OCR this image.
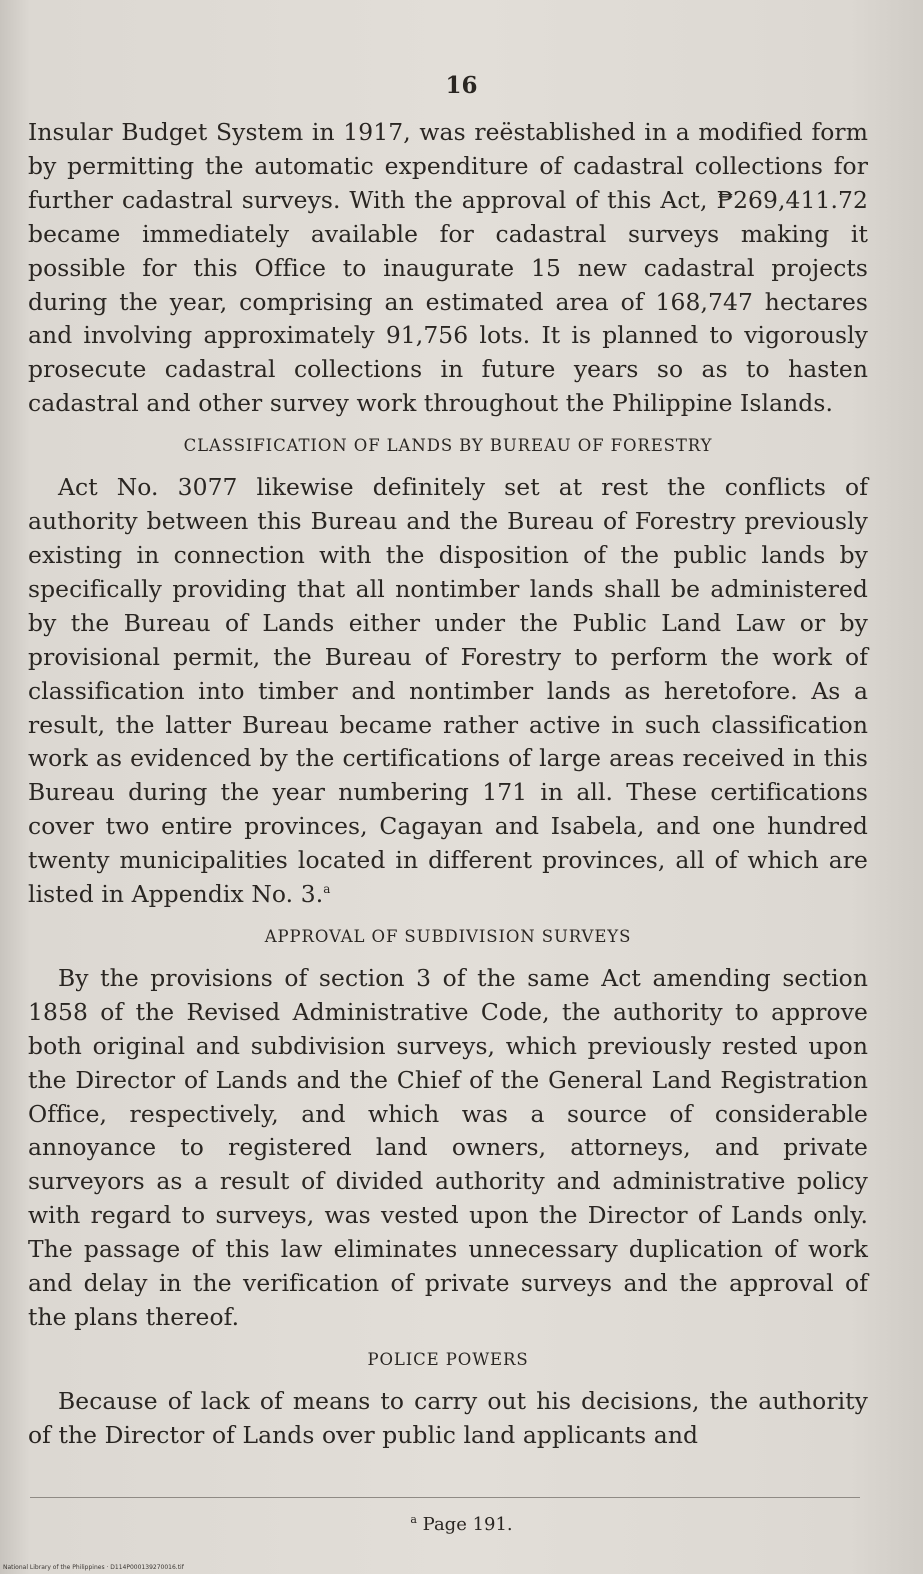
16

Insular Budget System in 1917, was reëstablished in a modified form by permitting the automatic expenditure of cadastral collections for further cadastral surveys. With the approval of this Act, ₱269,411.72 became immediately available for cadastral surveys making it possible for this Office to inaugurate 15 new cadastral projects during the year, comprising an estimated area of 168,747 hectares and involving approximately 91,756 lots. It is planned to vigorously prosecute cadastral collections in future years so as to hasten cadastral and other survey work throughout the Philippine Islands.

CLASSIFICATION OF LANDS BY BUREAU OF FORESTRY

Act No. 3077 likewise definitely set at rest the conflicts of authority between this Bureau and the Bureau of Forestry previously existing in connection with the disposition of the public lands by specifically providing that all nontimber lands shall be administered by the Bureau of Lands either under the Public Land Law or by provisional permit, the Bureau of Forestry to perform the work of classification into timber and nontimber lands as heretofore. As a result, the latter Bureau became rather active in such classification work as evidenced by the certifications of large areas received in this Bureau during the year numbering 171 in all. These certifications cover two entire provinces, Cagayan and Isabela, and one hundred twenty municipalities located in different provinces, all of which are listed in Appendix No. 3.$^a$

APPROVAL OF SUBDIVISION SURVEYS

By the provisions of section 3 of the same Act amending section 1858 of the Revised Administrative Code, the authority to approve both original and subdivision surveys, which previously rested upon the Director of Lands and the Chief of the General Land Registration Office, respectively, and which was a source of considerable annoyance to registered land owners, attorneys, and private surveyors as a result of divided authority and administrative policy with regard to surveys, was vested upon the Director of Lands only. The passage of this law eliminates unnecessary duplication of work and delay in the verification of private surveys and the approval of the plans thereof.

POLICE POWERS

Because of lack of means to carry out his decisions, the authority of the Director of Lands over public land applicants and

$^a$ Page 191.
National Library of the Philippines · D114P000139270016.tif
